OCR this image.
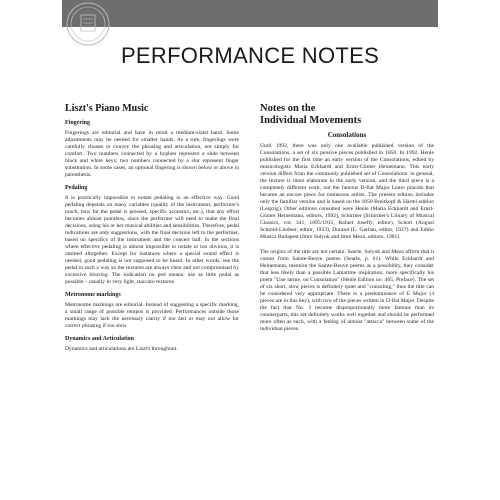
5
PERFORMANCE NOTES
Liszt's Piano Music
Fingering

Fingerings are editorial and have in mind a medium-sized hand. Some adjustments may be needed for smaller hands. As a rule, fingerings were carefully chosen to convey the phrasing and articulation, not simply for comfort. Two numbers connected by a hyphen represent a slide between black and white keys; two numbers connected by a slur represent finger substitution. In some cases, an optional fingering is shown below or above in parenthesis.

Pedaling

It is practically impossible to notate pedaling in an effective way. Good pedaling depends on many variables (quality of the instrument, performer's touch, how far the pedal is pressed, specific acoustics, etc.), that any effort becomes almost pointless, since the performer will need to make the final decisions, using his or her musical abilities and sensibilities. Therefore, pedal indications are only suggestions, with the final decision left to the performer, based on specifics of the instrument and the concert hall. In the sections where effective pedaling is almost impossible to notate or too obvious, it is omitted altogether. Except for instances where a special sound effect is needed, good pedaling is not supposed to be heard. In other words, use the pedal in such a way so the textures are always clear and not compromised by excessive blurring. The indication no ped means: use as little pedal as possible – usually in very light, staccato textures.

Metronome markings

Metronome markings are editorial. Instead of suggesting a specific marking, a small range of possible tempos is provided. Performances outside those markings may lack the necessary clarity if too fast or may not allow for correct phrasing if too slow.

Dynamics and Articulation

Dynamics and articulations are Liszt's throughout.

Notes on the
Individual Movements
Consolations

Until 1992, there was only one available published version of the Consolations, a set of six pensive pieces published in 1850. In 1992, Henle published for the first time an early version of the Consolations, edited by musicologists Maria Eckhardt and Ernst-Günter Heinemann. This early version differs from the commonly published set of Consolations: in general, the texture is more elaborate in the early version, and the third piece is a completely different work, not the famous D-flat Major Lento placido that became an encore piece for numerous artists. The present edition includes only the familiar version and is based on the 1850 Breitkopf & Härtel edition (Leipzig). Other editions consulted were Henle (Maria Eckhardt and Ernst-Günter Heinemann, editors, 1992), Schirmer (Schirmer's Library of Musical Classics, vol. 341, 1895/1915, Rafael Joseffy, editor), Schott (August Schmid-Lindner, editor, 1953), Durand (L. Garban, editor, 1927) and Editio Musica Budapest (Imre Sulyok and Imre Mezo, editors, 1981).

The origins of the title are not certain. Searle, Sulyok and Mezo affirm that it comes from Sainte-Beuve poems (Searle, p. 61). While Eckhardt and Heinemann, mention the Sainte-Beuve poems as a possibility, they consider that less likely than a possible Lamartine inspiration, more specifically his poem "Une larme, ou Consolation" (Henle Edition no. 465, Preface). The set of six short, slow pieces is definitely quiet and "consoling," thus the title can be considered very appropriate. There is a predominance of E Major (4 pieces are in this key), with two of the pieces written in D-flat Major. Despite the fact that No. 3 became disproportionally more famous than its counterparts, this set definitely works well together and should be performed more often as such, with a feeling of almost "attacca" between some of the individual pieces.
